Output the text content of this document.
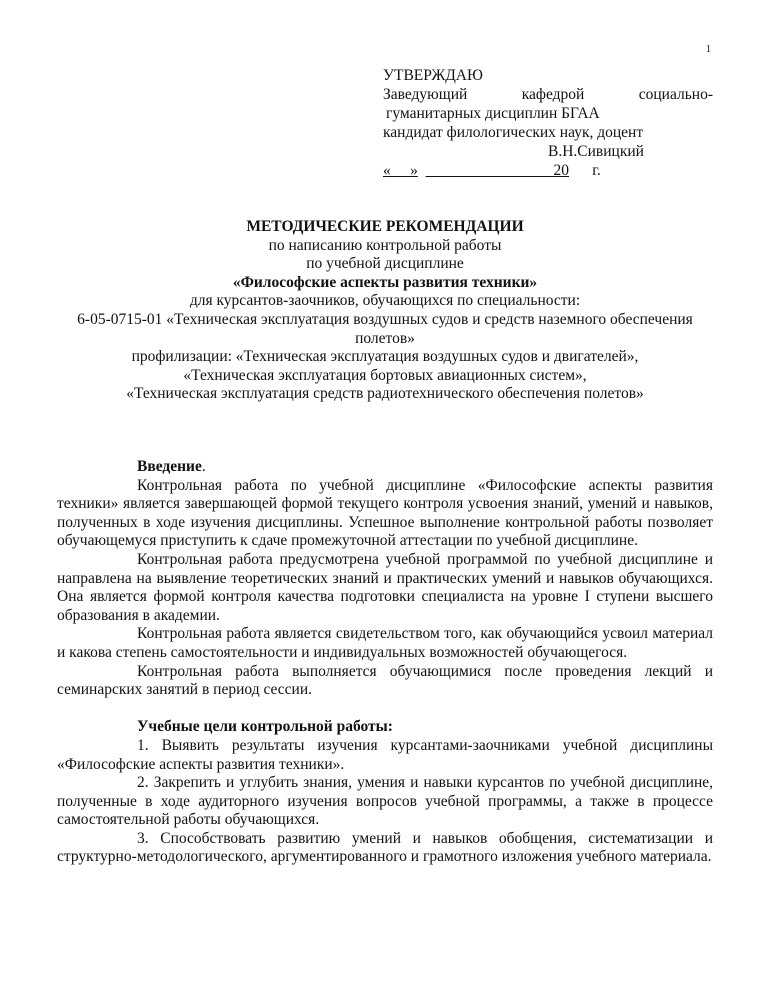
1
УТВЕРЖДАЮ
Заведующий кафедрой социально-
гуманитарных дисциплин БГАА
кандидат филологических наук, доцент
В.Н.Сивицкий
« »	20 г.
МЕТОДИЧЕСКИЕ РЕКОМЕНДАЦИИ
по написанию контрольной работы
по учебной дисциплине
«Философские аспекты развития техники»
для курсантов-заочников, обучающихся по специальности:
6-05-0715-01 «Техническая эксплуатация воздушных судов и средств наземного обеспечения полетов»
профилизации: «Техническая эксплуатация воздушных судов и двигателей»,
«Техническая эксплуатация бортовых авиационных систем»,
«Техническая эксплуатация средств радиотехнического обеспечения полетов»

Введение.

Контрольная работа по учебной дисциплине «Философские аспекты развития техники» является завершающей формой текущего контроля усвоения знаний, умений и навыков, полученных в ходе изучения дисциплины. Успешное выполнение контрольной работы позволяет обучающемуся приступить к сдаче промежуточной аттестации по учебной дисциплине.

Контрольная работа предусмотрена учебной программой по учебной дисциплине и направлена на выявление теоретических знаний и практических умений и навыков обучающихся. Она является формой контроля качества подготовки специалиста на уровне I ступени высшего образования в академии.

Контрольная работа является свидетельством того, как обучающийся усвоил материал и какова степень самостоятельности и индивидуальных возможностей обучающегося.

Контрольная работа выполняется обучающимися после проведения лекций и семинарских занятий в период сессии.

Учебные цели контрольной работы:

1. Выявить результаты изучения курсантами-заочниками учебной дисциплины «Философские аспекты развития техники».

2. Закрепить и углубить знания, умения и навыки курсантов по учебной дисциплине, полученные в ходе аудиторного изучения вопросов учебной программы, а также в процессе самостоятельной работы обучающихся.

3. Способствовать развитию умений и навыков обобщения, систематизации и структурно-методологического, аргументированного и грамотного изложения учебного материала.
